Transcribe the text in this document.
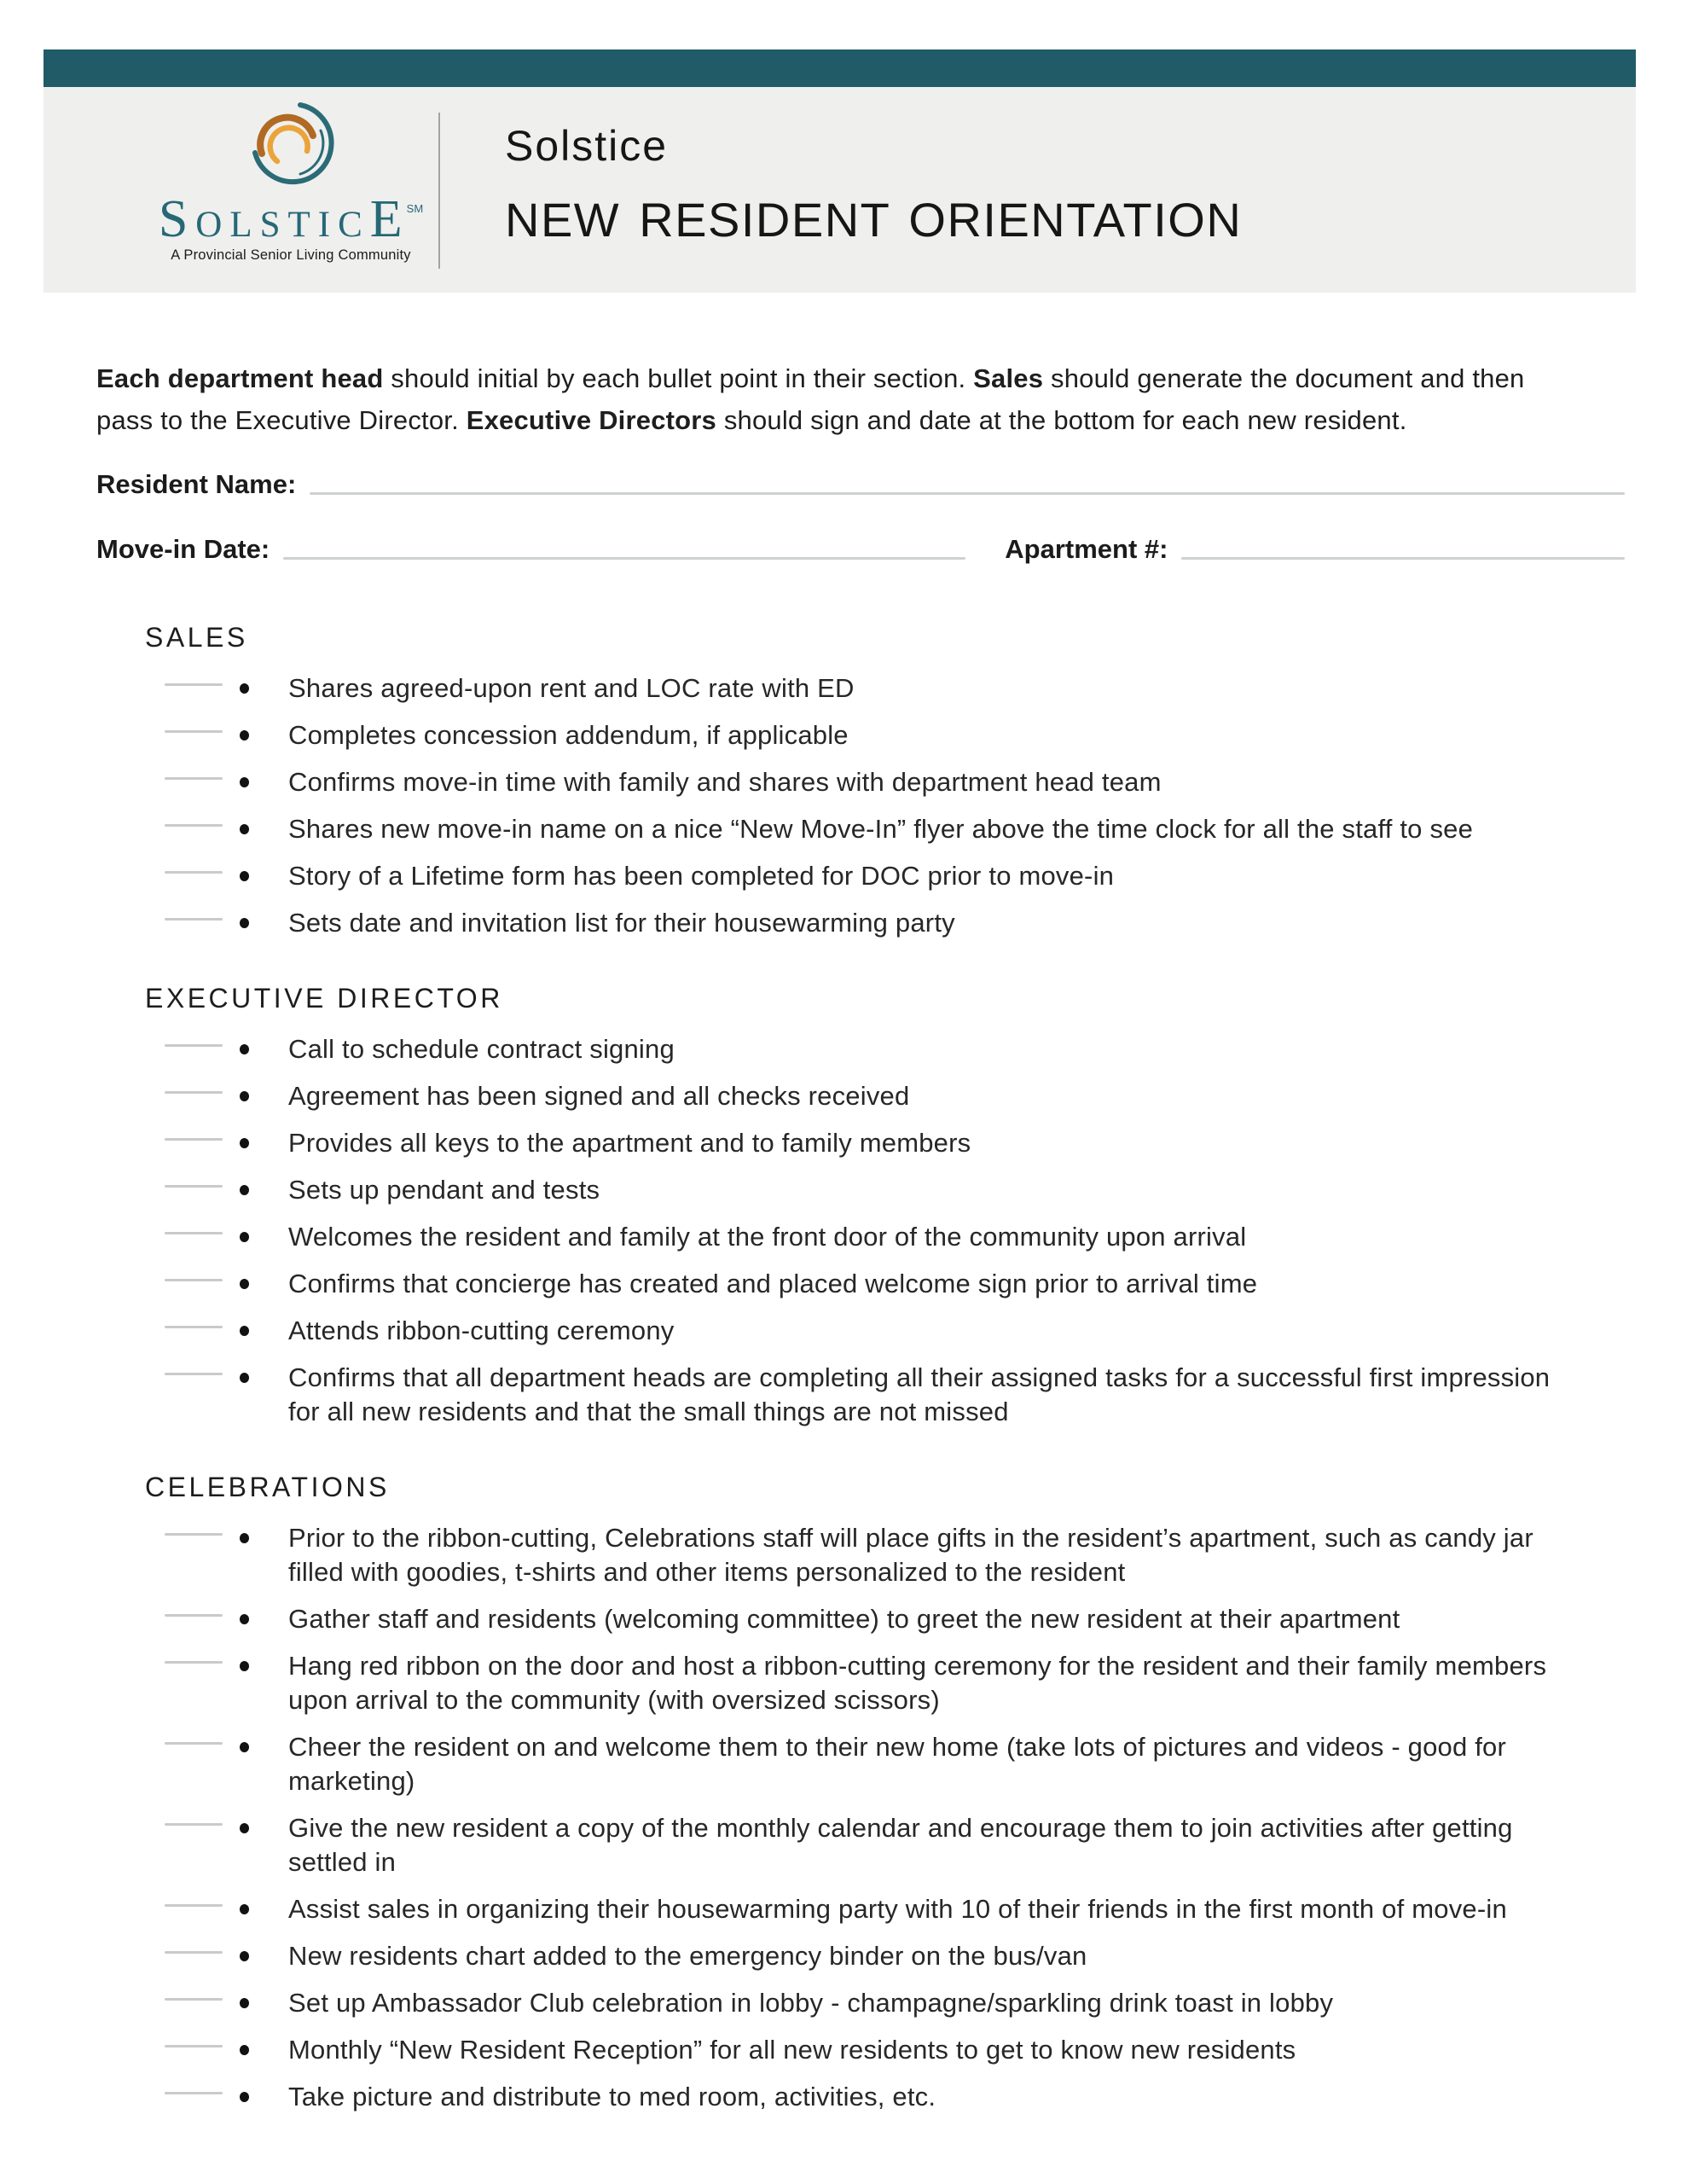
SOLSTICE℠
A Provincial Senior Living Community
Solstice
NEW RESIDENT ORIENTATION

Each department head should initial by each bullet point in their section. Sales should generate the document and then pass to the Executive Director. Executive Directors should sign and date at the bottom for each new resident.

Resident Name:
Move-in Date:	Apartment #:
SALES
Shares agreed-upon rent and LOC rate with ED
Completes concession addendum, if applicable
Confirms move-in time with family and shares with department head team
Shares new move-in name on a nice “New Move-In” flyer above the time clock for all the staff to see
Story of a Lifetime form has been completed for DOC prior to move-in
Sets date and invitation list for their housewarming party
EXECUTIVE DIRECTOR
Call to schedule contract signing
Agreement has been signed and all checks received
Provides all keys to the apartment and to family members
Sets up pendant and tests
Welcomes the resident and family at the front door of the community upon arrival
Confirms that concierge has created and placed welcome sign prior to arrival time
Attends ribbon-cutting ceremony
Confirms that all department heads are completing all their assigned tasks for a successful first impression for all new residents and that the small things are not missed
CELEBRATIONS
Prior to the ribbon-cutting, Celebrations staff will place gifts in the resident’s apartment, such as candy jar filled with goodies, t-shirts and other items personalized to the resident
Gather staff and residents (welcoming committee) to greet the new resident at their apartment
Hang red ribbon on the door and host a ribbon-cutting ceremony for the resident and their family members upon arrival to the community (with oversized scissors)
Cheer the resident on and welcome them to their new home (take lots of pictures and videos - good for marketing)
Give the new resident a copy of the monthly calendar and encourage them to join activities after getting settled in
Assist sales in organizing their housewarming party with 10 of their friends in the first month of move-in
New residents chart added to the emergency binder on the bus/van
Set up Ambassador Club celebration in lobby - champagne/sparkling drink toast in lobby
Monthly “New Resident Reception” for all new residents to get to know new residents
Take picture and distribute to med room, activities, etc.
